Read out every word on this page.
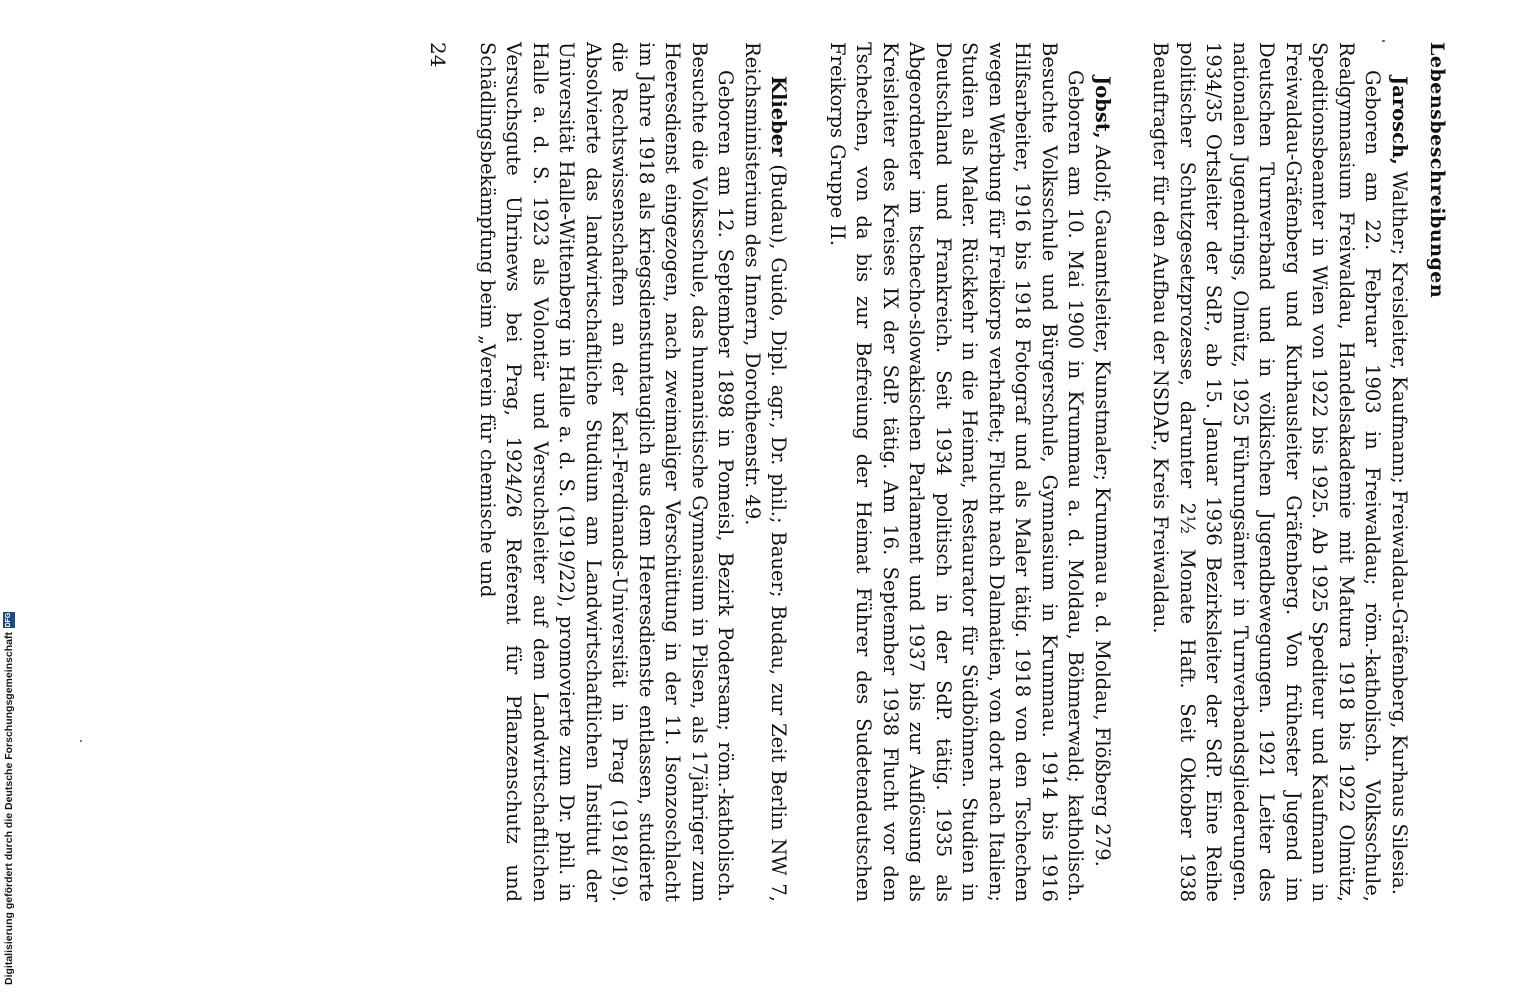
Lebensbeschreibungen
Jarosch, Walther; Kreisleiter, Kaufmann; Freiwaldau-Gräfenberg, Kurhaus Silesia.
Geboren am 22. Februar 1903 in Freiwaldau; röm.-katholisch. Volksschule, Realgymnasium Freiwaldau, Handelsakademie mit Matura 1918 bis 1922 Olmütz, Speditionsbeamter in Wien von 1922 bis 1925. Ab 1925 Spediteur und Kaufmann in Freiwaldau-Gräfenberg und Kurhausleiter Gräfenberg. Von frühester Jugend im Deutschen Turnverband und in völkischen Jugendbewegungen. 1921 Leiter des nationalen Jugendrings, Olmütz, 1925 Führungsämter in Turnverbandsgliederungen. 1934/35 Ortsleiter der SdP., ab 15. Januar 1936 Bezirksleiter der SdP. Eine Reihe politischer Schutzgesetzprozesse, darunter 2½ Monate Haft. Seit Oktober 1938 Beauftragter für den Aufbau der NSDAP., Kreis Freiwaldau.
Jobst, Adolf; Gauamtsleiter, Kunstmaler; Krummau a. d. Moldau, Flößberg 279.
Geboren am 10. Mai 1900 in Krummau a. d. Moldau, Böhmerwald; katholisch. Besuchte Volksschule und Bürgerschule, Gymnasium in Krummau. 1914 bis 1916 Hilfsarbeiter, 1916 bis 1918 Fotograf und als Maler tätig. 1918 von den Tschechen wegen Werbung für Freikorps verhaftet; Flucht nach Dalmatien, von dort nach Italien; Studien als Maler. Rückkehr in die Heimat, Restaurator für Südböhmen. Studien in Deutschland und Frankreich. Seit 1934 politisch in der SdP. tätig. 1935 als Abgeordneter im tschecho-slowakischen Parlament und 1937 bis zur Auflösung als Kreisleiter des Kreises IX der SdP. tätig. Am 16. September 1938 Flucht vor den Tschechen, von da bis zur Befreiung der Heimat Führer des Sudetendeutschen Freikorps Gruppe II.
Klieber (Budau), Guido, Dipl. agr., Dr. phil.; Bauer; Budau, zur Zeit Berlin NW 7, Reichsministerium des Innern, Dorotheenstr. 49.
Geboren am 12. September 1898 in Pomeisl, Bezirk Podersam; röm.-katholisch. Besuchte die Volksschule, das humanistische Gymnasium in Pilsen, als 17jähriger zum Heeresdienst eingezogen, nach zweimaliger Verschüttung in der 11. Isonzoschlacht im Jahre 1918 als kriegsdienstuntauglich aus dem Heeresdienste entlassen, studierte die Rechtswissenschaften an der Karl-Ferdinands-Universität in Prag (1918/19). Absolvierte das landwirtschaftliche Studium am Landwirtschaftlichen Institut der Universität Halle-Wittenberg in Halle a. d. S. (1919/22), promovierte zum Dr. phil. in Halle a. d. S. 1923 als Volontär und Versuchsleiter auf dem Landwirtschaftlichen Versuchsgute Uhrinews bei Prag, 1924/26 Referent für Pflanzenschutz und Schädlingsbekämpfung beim „Verein für chemische und
24
Digitalisierung gefördert durch die Deutsche Forschungsgemeinschaft
DFG
